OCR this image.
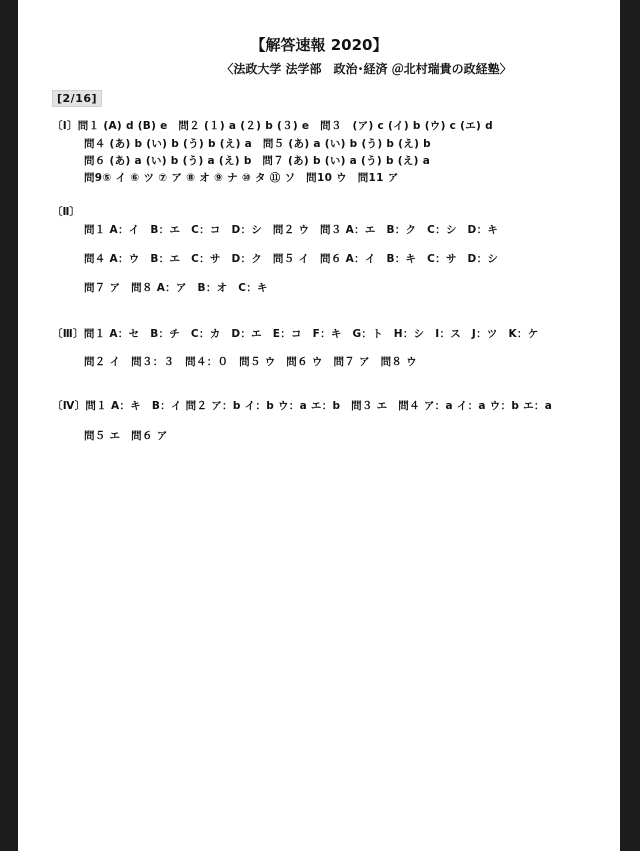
【解答速報 2020】
〈法政大学 法学部　政治･経済 ＠北村瑞貴の政経塾〉
[2/16]
〔Ⅰ〕問１ (A) d (B) e　問２ (１) a (２) b (３) e　問３　(ア) c (イ) b (ウ) c (エ) d
問４ (あ) b (い) b (う) b (え) a　問５ (あ) a (い) b (う) b (え) b
問６ (あ) a (い) b (う) a (え) b　問７ (あ) b (い) a (う) b (え) a
問9⑤ イ ⑥ ツ ⑦ ア ⑧ オ ⑨ ナ ⑩ タ ⑪ ソ　問10 ウ　問11 ア
〔Ⅱ〕
問１ A：イ　B：エ　C：コ　D：シ　問２ ウ　問３ A：エ　B：ク　C：シ　D：キ
問４ A：ウ　B：エ　C：サ　D：ク　問５ イ　問６ A：イ　B：キ　C：サ　D：シ
問７ ア　問８ A：ア　B：オ　C：キ
〔Ⅲ〕問１ A：セ　B：チ　C：カ　D：エ　E：コ　F：キ　G：ト　H：シ　I：ス　J：ツ　K：ケ
問２ イ　問３：３　問４：０　問５ ウ　問６ ウ　問７ ア　問８ ウ
〔Ⅳ〕問１ A：キ　B：イ 問２ ア：b イ：b ウ：a エ：b　問３ エ　問４ ア：a イ：a ウ：b エ：a
問５ エ　問６ ア
